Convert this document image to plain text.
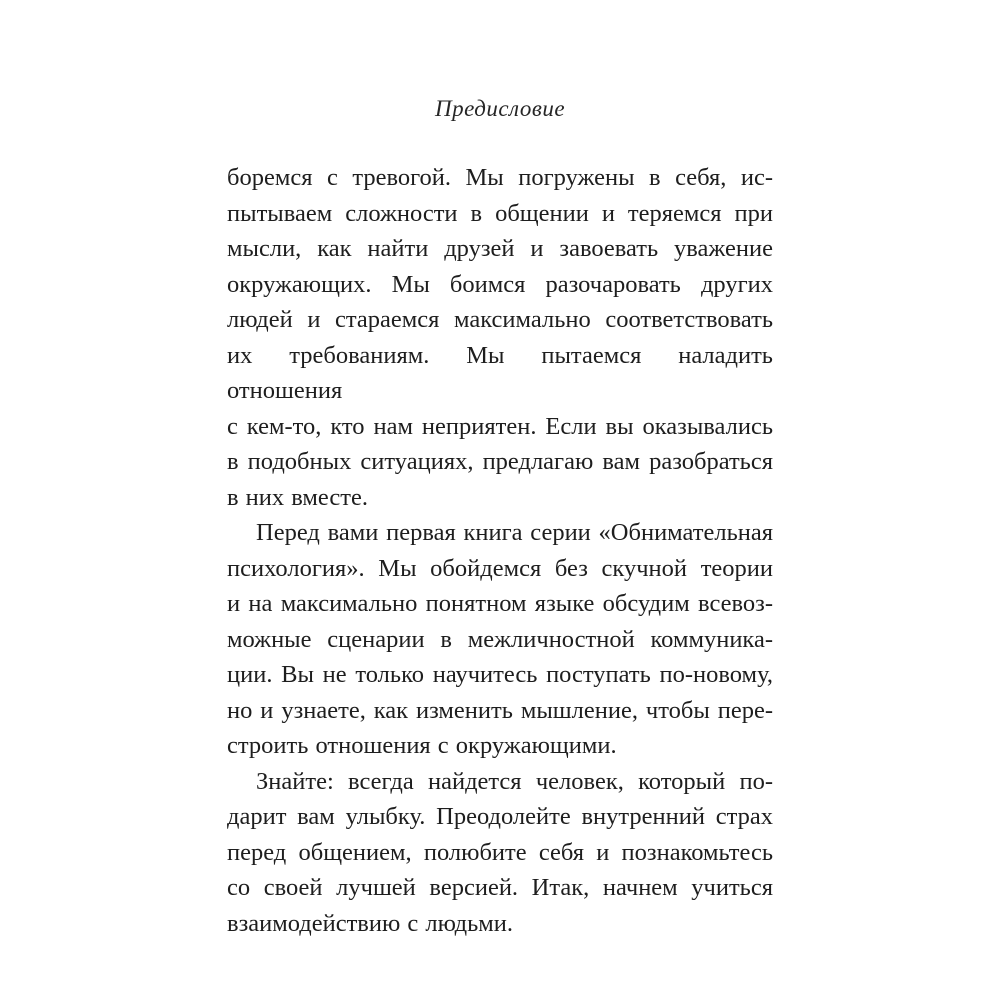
Предисловие

боремся с тревогой. Мы погружены в себя, ис-
пытываем сложности в общении и теряемся при
мысли, как найти друзей и завоевать уважение
окружающих. Мы боимся разочаровать других
людей и стараемся максимально соответствовать
их требованиям. Мы пытаемся наладить отношения
с кем-то, кто нам неприятен. Если вы оказывались
в подобных ситуациях, предлагаю вам разобраться
в них вместе.

Перед вами первая книга серии «Обнимательная
психология». Мы обойдемся без скучной теории
и на максимально понятном языке обсудим всевоз-
можные сценарии в межличностной коммуника-
ции. Вы не только научитесь поступать по-новому,
но и узнаете, как изменить мышление, чтобы пере-
строить отношения с окружающими.

Знайте: всегда найдется человек, который по-
дарит вам улыбку. Преодолейте внутренний страх
перед общением, полюбите себя и познакомьтесь
со своей лучшей версией. Итак, начнем учиться
взаимодействию с людьми.
